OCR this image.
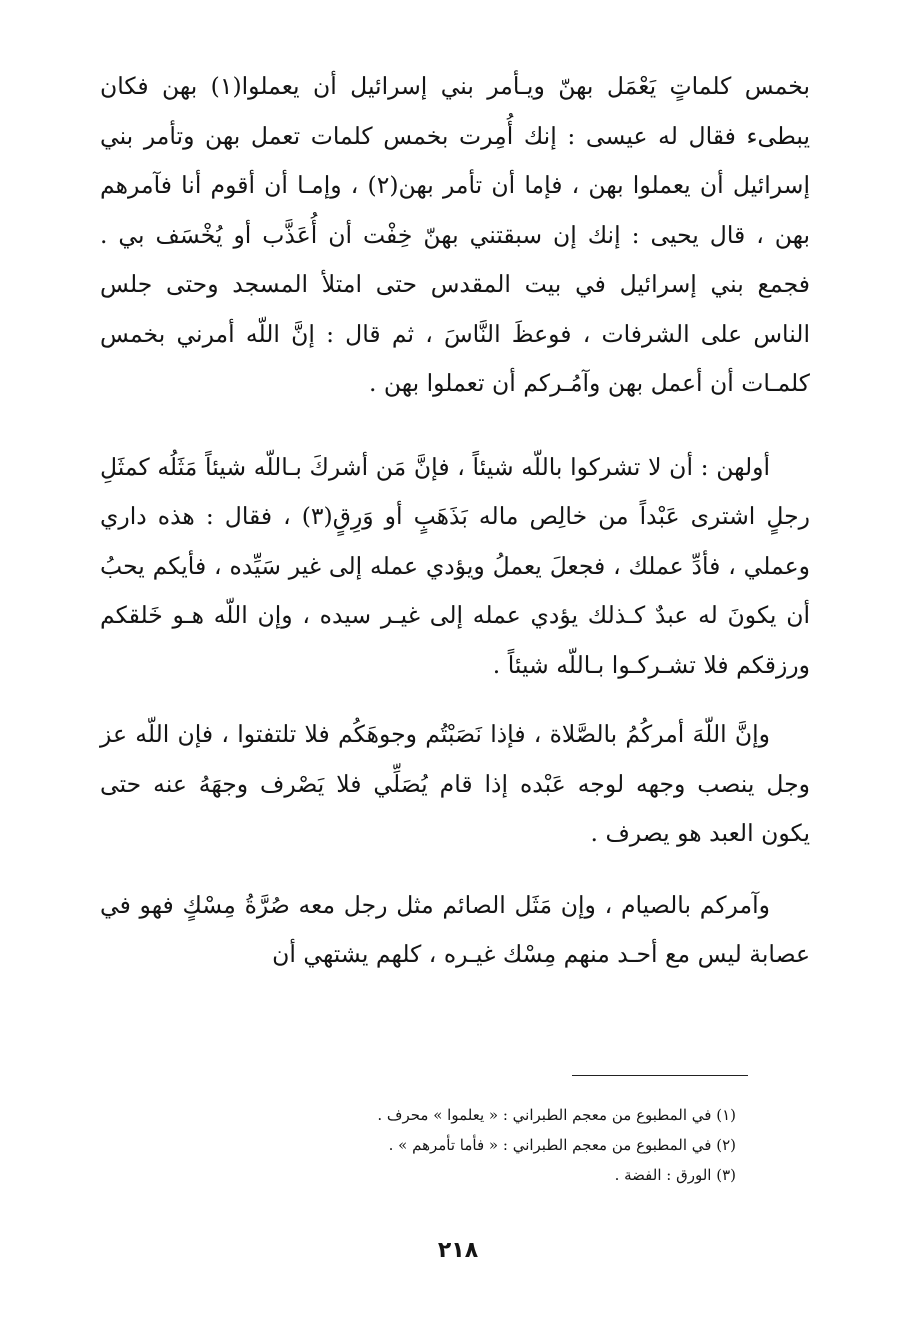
بخمس كلماتٍ يَعْمَل بهنّ ويـأمر بني إسرائيل أن يعملوا(١) بهن فكان يبطىء فقال له عيسى : إنك أُمِرت بخمس كلمات تعمل بهن وتأمر بني إسرائيل أن يعملوا بهن ، فإما أن تأمر بهن(٢) ، وإمـا أن أقوم أنا فآمرهم بهن ، قال يحيى : إنك إن سبقتني بهنّ خِفْت أن أُعَذَّب أو يُخْسَف بي . فجمع بني إسرائيل في بيت المقدس حتى امتلأ المسجد وحتى جلس الناس على الشرفات ، فوعظَ النَّاسَ ، ثم قال : إنَّ اللّه أمرني بخمس كلمـات أن أعمل بهن وآمُـركم أن تعملوا بهن .

أولهن : أن لا تشركوا باللّه شيئاً ، فإنَّ مَن أشركَ بـاللّه شيئاً مَثَلُه كمثَلِ رجلٍ اشترى عَبْداً من خالِص ماله بَذَهَبٍ أو وَرِقٍ(٣) ، فقال : هذه داري وعملي ، فأدِّ عملك ، فجعلَ يعملُ ويؤدي عمله إلى غير سَيِّده ، فأيكم يحبُ أن يكونَ له عبدٌ كـذلك يؤدي عمله إلى غيـر سيده ، وإن اللّه هـو خَلقكم ورزقكم فلا تشـركـوا بـاللّه شيئاً .

وإنَّ اللّهَ أمركُمُ بالصَّلاة ، فإذا نَصَبْتُم وجوهَكُم فلا تلتفتوا ، فإن اللّه عز وجل ينصب وجهه لوجه عَبْده إذا قام يُصَلِّي فلا يَصْرف وجهَهُ عنه حتى يكون العبد هو يصرف .

وآمركم بالصيام ، وإن مَثَل الصائم مثل رجل معه صُرَّةُ مِسْكٍ فهو في عصابة ليس مع أحـد منهم مِسْك غيـره ، كلهم يشتهي أن

(١) في المطبوع من معجم الطبراني : « يعلمو‌ا » محرف .
(٢) في المطبوع من معجم الطبراني : « فأما تأمرهم » .
(٣) الورق : الفضة .
٢١٨
